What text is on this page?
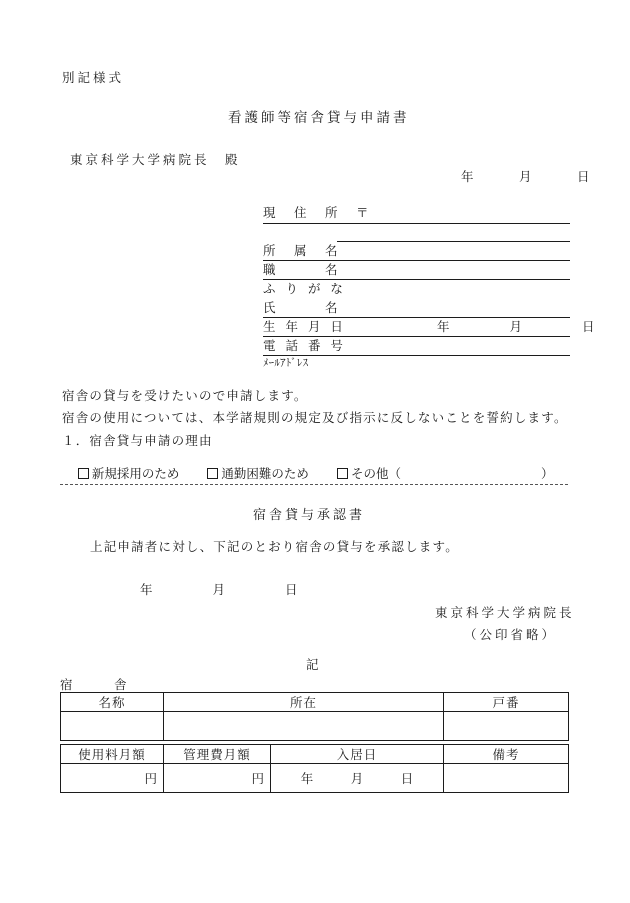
別記様式
看護師等宿舎貸与申請書
東京科学大学病院長　殿
年　　　月　　　日
現　住　所　〒
所　属　名
職　　　名
ふ り が な
氏　　　名
生 年 月 日	年　　　　月　　　　日
電 話 番 号
ﾒｰﾙｱﾄﾞﾚｽ
宿舎の貸与を受けたいので申請します。
宿舎の使用については、本学諸規則の規定及び指示に反しないことを誓約します。
１．宿舎貸与申請の理由

新規採用のため	通勤困難のため	その他（	）

宿舎貸与承認書
上記申請者に対し、下記のとおり宿舎の貸与を承認します。
年　　　　月　　　　日
東京科学大学病院長
（公印省略）
記
宿　　　舎
名称	所在	戸番

使用料月額	管理費月額	入居日	備考
円	円	年　　　月　　　日	
